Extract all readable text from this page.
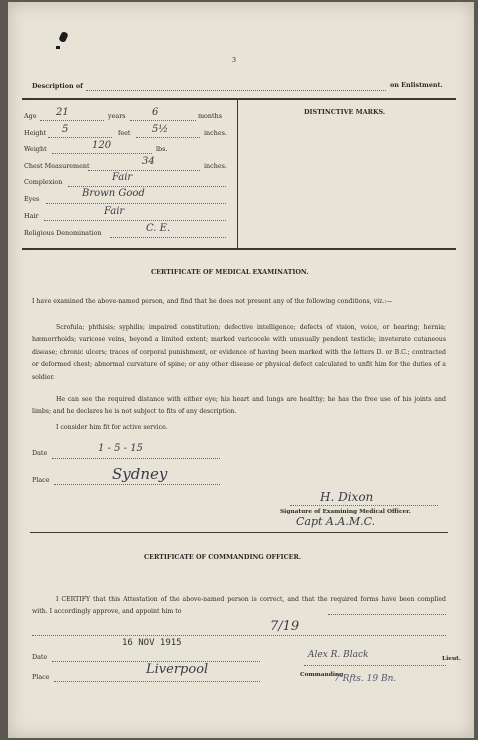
3
Description of	on Enlistment.
Age 21	years	6	months
Height 5	feet 5½	inches.
Weight	120	lbs.
Chest Measurement	34	inches.
Complexion	Fair
Eyes	Brown Good
Hair	Fair
Religious Denomination	C. E.
DISTINCTIVE MARKS.
CERTIFICATE OF MEDICAL EXAMINATION.
I have examined the above-named person, and find that he does not present any of the following conditions, viz.:—
Scrofula; phthisis; syphilis; impaired constitution; defective intelligence; defects of vision, voice, or hearing; hernia; hæmorrhoids; varicose veins, beyond a limited extent; marked varicocele with unusually pendent testicle; inveterate cutaneous disease; chronic ulcers; traces of corporal punishment, or evidence of having been marked with the letters D. or B.C.; contracted or deformed chest; abnormal curvature of spine; or any other disease or physical defect calculated to unfit him for the duties of a soldier.
He can see the required distance with either eye; his heart and lungs are healthy; he has the free use of his joints and limbs; and he declares he is not subject to fits of any description.
I consider him fit for active service.
Date	1 - 5 - 15
Place	Sydney
H. Dixon
Signature of Examining Medical Officer.
Capt A.A.M.C.
CERTIFICATE OF COMMANDING OFFICER.
I CERTIFY that this Attestation of the above-named person is correct, and that the required forms have been complied with. I accordingly approve, and appoint him to
7/19
Date
16 NOV 1915
Alex R. Black	Lieut.
Place	Liverpool	Commanding
7 Rfts. 19 Bn.
